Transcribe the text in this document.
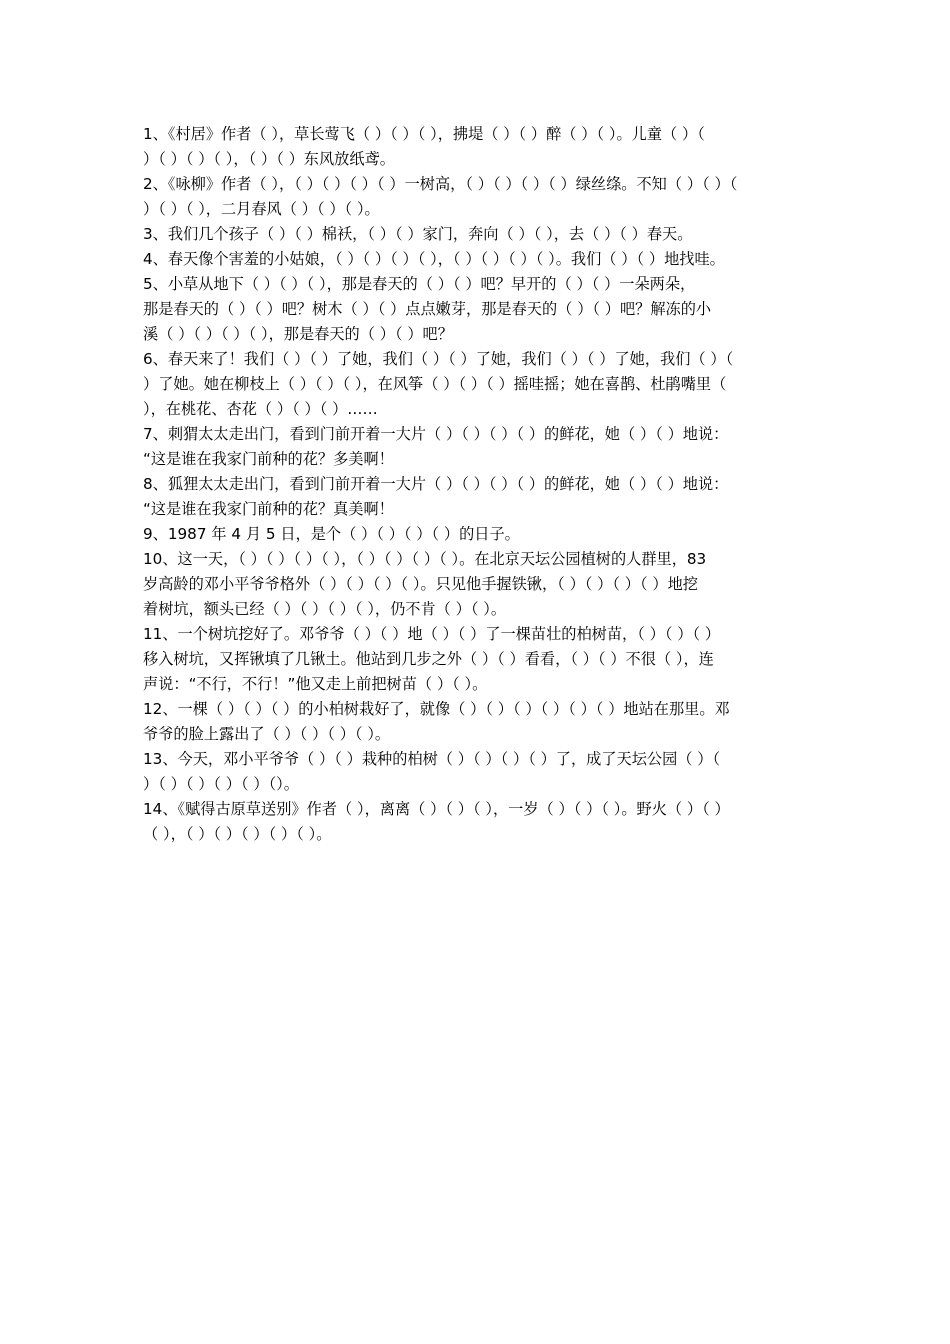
1、《村居》作者（ ），草长莺飞（ ）（ ）（ ），拂堤（ ）（ ）醉（ ）（ ）。儿童（ ）（
）（ ）（ ）（ ），（ ）（ ）东风放纸鸢。
2、《咏柳》作者（ ），（ ）（ ）（ ）（ ）一树高，（ ）（ ）（ ）（ ）绿丝绦。不知（ ）（ ）（
）（ ）（ ），二月春风（ ）（ ）（ ）。
3、我们几个孩子（ ）（ ）棉袄，（ ）（ ）家门，奔向（ ）（ ），去（ ）（ ）春天。
4、春天像个害羞的小姑娘，（ ）（ ）（ ）（ ），（ ）（ ）（ ）（ ）。我们（ ）（ ）地找哇。
5、小草从地下（ ）（ ）（ ），那是春天的（ ）（ ）吧？早开的（ ）（ ）一朵两朵，
那是春天的（ ）（ ）吧？树木（ ）（ ）点点嫩芽，那是春天的（ ）（ ）吧？解冻的小
溪（ ）（ ）（ ）（ ），那是春天的（ ）（ ）吧？
6、春天来了！我们（ ）（ ）了她，我们（ ）（ ）了她，我们（ ）（ ）了她，我们（ ）（
）了她。她在柳枝上（ ）（ ）（ ），在风筝（ ）（ ）（ ）摇哇摇；她在喜鹊、杜鹃嘴里（
），在桃花、杏花（ ）（ ）（ ）……
7、刺猬太太走出门，看到门前开着一大片（ ）（ ）（ ）（ ）的鲜花，她（ ）（ ）地说：
“这是谁在我家门前种的花？多美啊！
8、狐狸太太走出门，看到门前开着一大片（ ）（ ）（ ）（ ）的鲜花，她（ ）（ ）地说：
“这是谁在我家门前种的花？真美啊！
9、1987 年 4 月 5 日，是个（ ）（ ）（ ）（ ）的日子。
10、这一天，（ ）（ ）（ ）（ ），（ ）（ ）（ ）（ ）。在北京天坛公园植树的人群里，83
岁高龄的邓小平爷爷格外（ ）（ ）（ ）（ ）。只见他手握铁锹，（ ）（ ）（ ）（ ）地挖
着树坑，额头已经（ ）（ ）（ ）（ ），仍不肯（ ）（ ）。
11、一个树坑挖好了。邓爷爷（ ）（ ）地（ ）（ ）了一棵苗壮的柏树苗，（ ）（ ）（ ）
移入树坑，又挥锹填了几锹土。他站到几步之外（ ）（ ）看看，（ ）（ ）不很（ ），连
声说：“不行，不行！”他又走上前把树苗（ ）（ ）。
12、一棵（ ）（ ）（ ）的小柏树栽好了，就像（ ）（ ）（ ）（ ）（ ）（ ）地站在那里。邓
爷爷的脸上露出了（ ）（ ）（ ）（ ）。
13、今天，邓小平爷爷（ ）（ ）栽种的柏树（ ）（ ）（ ）（ ）了，成了天坛公园（ ）（
）（ ）（ ）（ ）（ ）（）。
14、《赋得古原草送别》作者（ ），离离（ ）（ ）（ ），一岁（ ）（ ）（ ）。野火（ ）（ ）
（ ），（ ）（ ）（ ）（ ）（ ）。
